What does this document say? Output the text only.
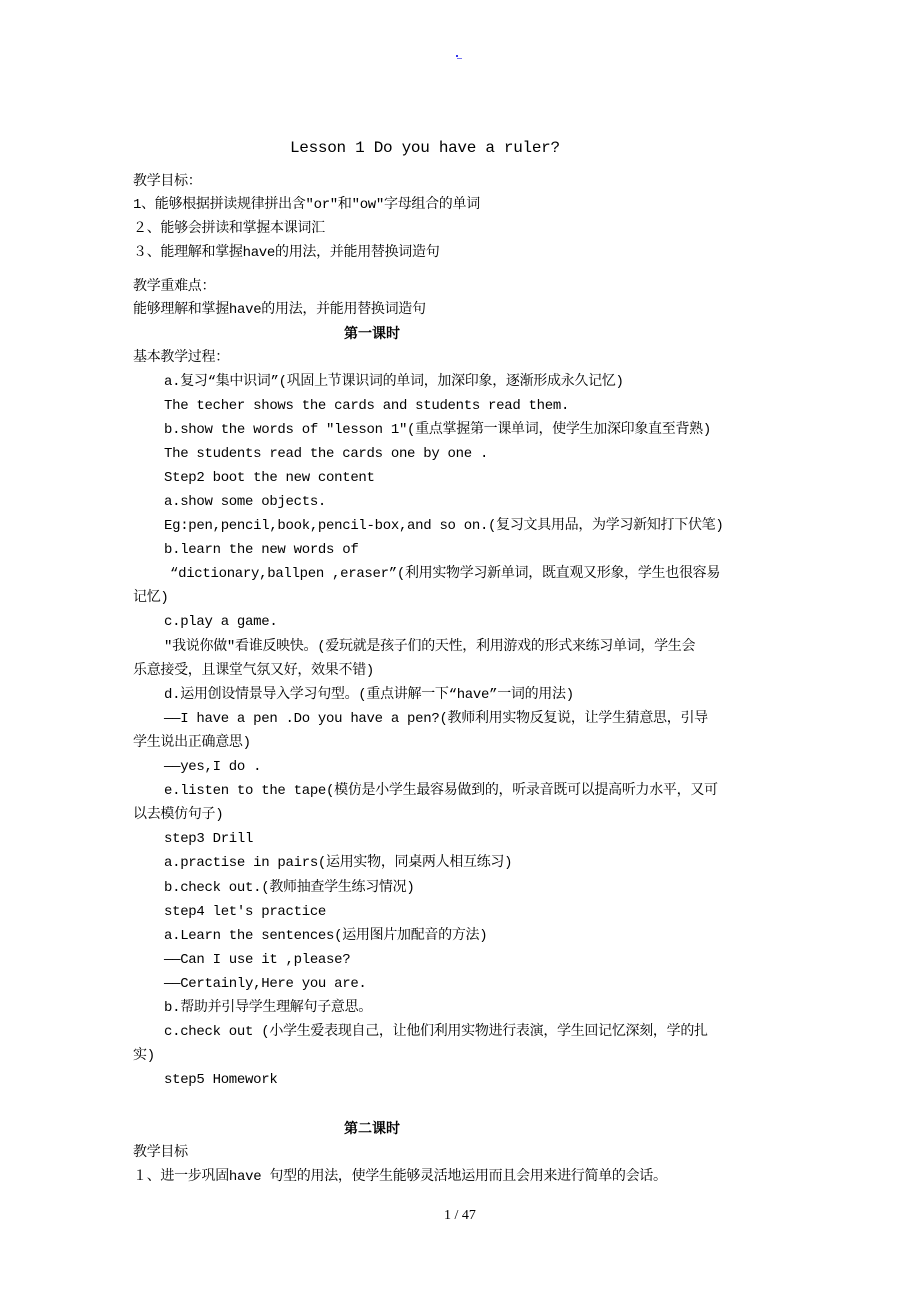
Lesson 1 Do you have a ruler?
教学目标：
1、能够根据拼读规律拼出含"or"和"ow"字母组合的单词
２、能够会拼读和掌握本课词汇
３、能理解和掌握have的用法，并能用替换词造句
教学重难点：
能够理解和掌握have的用法，并能用替换词造句
第一课时
基本教学过程：
a.复习“集中识词”(巩固上节课识词的单词，加深印象，逐渐形成永久记忆)
The techer shows the cards and students read them.
b.show the words of "lesson 1"(重点掌握第一课单词，使学生加深印象直至背熟)
The students read the cards one by one .
Step2 boot the new content
a.show some objects.
Eg:pen,pencil,book,pencil-box,and so on.(复习文具用品，为学习新知打下伏笔)
b.learn the new words of
“dictionary,ballpen ,eraser”(利用实物学习新单词，既直观又形象，学生也很容易
记忆)
c.play a game.
"我说你做"看谁反映快。(爱玩就是孩子们的天性，利用游戏的形式来练习单词，学生会
乐意接受，且课堂气氛又好，效果不错)
d.运用创设情景导入学习句型。(重点讲解一下“have”一词的用法)
——I have a pen .Do you have a pen?(教师利用实物反复说，让学生猜意思，引导
学生说出正确意思)
——yes,I do .
e.listen to the tape(模仿是小学生最容易做到的，听录音既可以提高听力水平，又可
以去模仿句子)
step3 Drill
a.practise in pairs(运用实物，同桌两人相互练习)
b.check out.(教师抽查学生练习情况)
step4 let's practice
a.Learn the sentences(运用图片加配音的方法)
——Can I use it ,please?
——Certainly,Here you are.
b.帮助并引导学生理解句子意思。
c.check out (小学生爱表现自己，让他们利用实物进行表演，学生回记忆深刻，学的扎
实)
step5 Homework
第二课时
教学目标
１、进一步巩固have 句型的用法，使学生能够灵活地运用而且会用来进行简单的会话。
1 / 47
